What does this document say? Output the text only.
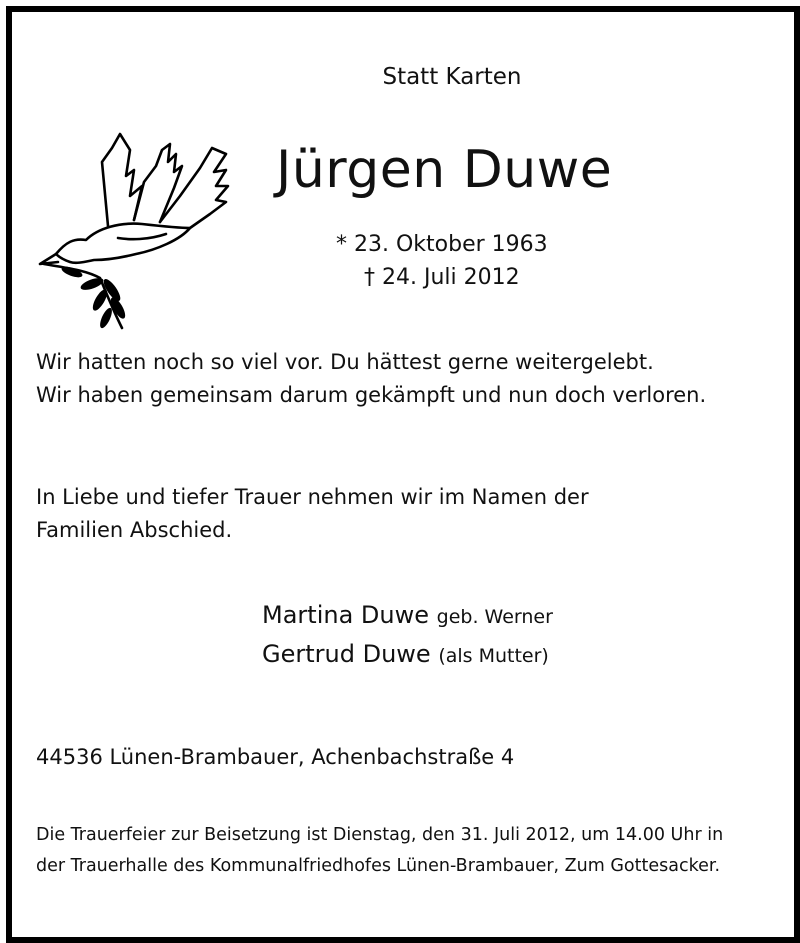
Statt Karten
Jürgen Duwe
* 23. Oktober 1963
† 24. Juli 2012
Wir hatten noch so viel vor. Du hättest gerne weitergelebt.
Wir haben gemeinsam darum gekämpft und nun doch verloren.
In Liebe und tiefer Trauer nehmen wir im Namen der
Familien Abschied.
Martina Duwe geb. Werner
Gertrud Duwe (als Mutter)
44536 Lünen-Brambauer, Achenbachstraße 4
Die Trauerfeier zur Beisetzung ist Dienstag, den 31. Juli 2012, um 14.00 Uhr in
der Trauerhalle des Kommunalfriedhofes Lünen-Brambauer, Zum Gottesacker.
